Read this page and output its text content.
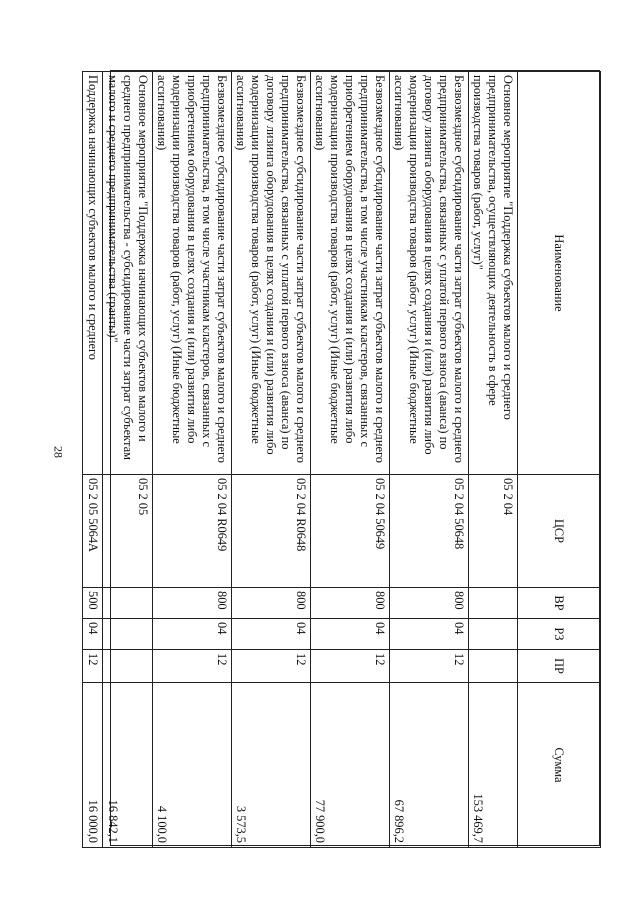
28
Наименование	ЦСР	ВР	РЗ	ПР	Сумма
Основное мероприятие "Поддержка субъектов малого и среднего предпринимательства, осуществляющих деятельность в сфере производства товаров (работ, услуг)"	05 2 04				153 469,7
Безвозмездное субсидирование части затрат субъектов малого и среднего предпринимательства, связанных с уплатой первого взноса (аванса) по договору лизинга оборудования в целях создания и (или) развития либо модернизации производства товаров (работ, услуг) (Иные бюджетные ассигнования)	05 2 04 50648	800	04	12	67 896,2
Безвозмездное субсидирование части затрат субъектов малого и среднего предпринимательства, в том числе участникам кластеров, связанных с приобретением оборудования в целях создания и (или) развития либо модернизации производства товаров (работ, услуг) (Иные бюджетные ассигнования)	05 2 04 50649	800	04	12	77 900,0
Безвозмездное субсидирование части затрат субъектов малого и среднего предпринимательства, связанных с уплатой первого взноса (аванса) по договору лизинга оборудования в целях создания и (или) развития либо модернизации производства товаров (работ, услуг) (Иные бюджетные ассигнования)	05 2 04 R0648	800	04	12	3 573,5
Безвозмездное субсидирование части затрат субъектов малого и среднего предпринимательства, в том числе участникам кластеров, связанных с приобретением оборудования в целях создания и (или) развития либо модернизации производства товаров (работ, услуг) (Иные бюджетные ассигнования)	05 2 04 R0649	800	04	12	4 100,0
Основное мероприятие "Поддержка начинающих субъектов малого и среднего предпринимательства - субсидирование части затрат субъектам малого и среднего предпринимательства (гранты)"	05 2 05				16 842,1
Поддержка начинающих субъектов малого и среднего	05 2 05 5064A	500	04	12	16 000,0
